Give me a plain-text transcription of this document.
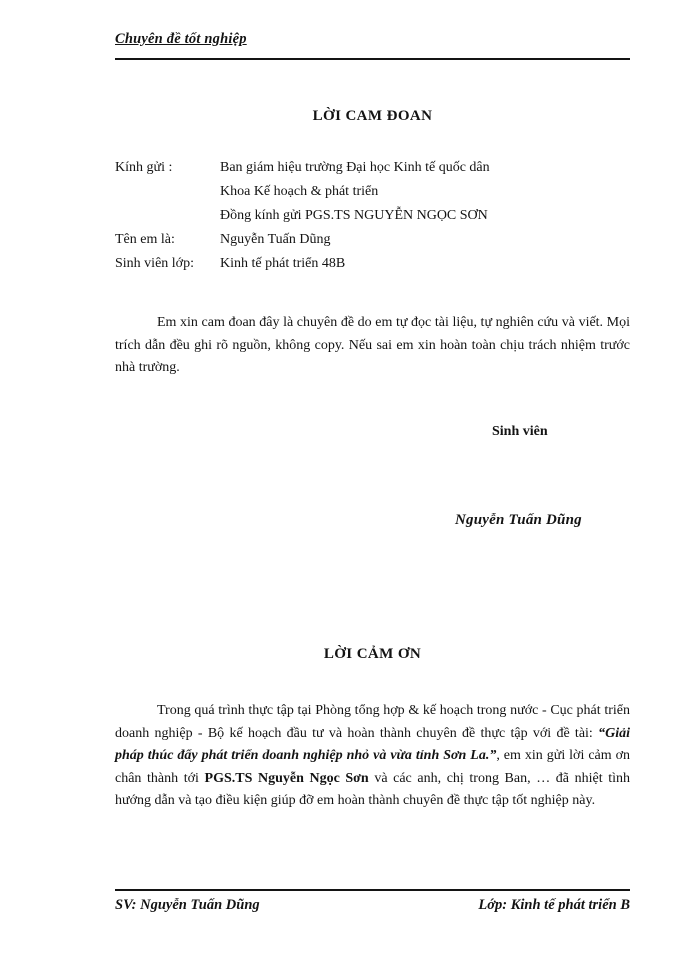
Chuyên đề tốt nghiệp
LỜI CAM ĐOAN
Kính gửi :	Ban giám hiệu trường Đại học Kinh tế quốc dân
Khoa Kế hoạch & phát triển
Đồng kính gửi PGS.TS NGUYỄN NGỌC SƠN
Tên em là:	Nguyễn Tuấn Dũng
Sinh viên lớp:	Kinh tế phát triển 48B
Em xin cam đoan đây là chuyên đề do em tự đọc tài liệu, tự nghiên cứu và viết. Mọi trích dẫn đều ghi rõ nguồn, không copy. Nếu sai em xin hoàn toàn chịu trách nhiệm trước nhà trường.
Sinh viên
Nguyễn Tuấn Dũng
LỜI CẢM ƠN
Trong quá trình thực tập tại Phòng tổng hợp & kế hoạch trong nước - Cục phát triển doanh nghiệp - Bộ kế hoạch đầu tư và hoàn thành chuyên đề thực tập với đề tài: “Giải pháp thúc đẩy phát triển doanh nghiệp nhỏ và vừa tỉnh Sơn La.”, em xin gửi lời cảm ơn chân thành tới PGS.TS Nguyễn Ngọc Sơn và các anh, chị trong Ban, … đã nhiệt tình hướng dẫn và tạo điều kiện giúp đỡ em hoàn thành chuyên đề thực tập tốt nghiệp này.
SV: Nguyễn Tuấn Dũng	Lớp: Kinh tế phát triển B
